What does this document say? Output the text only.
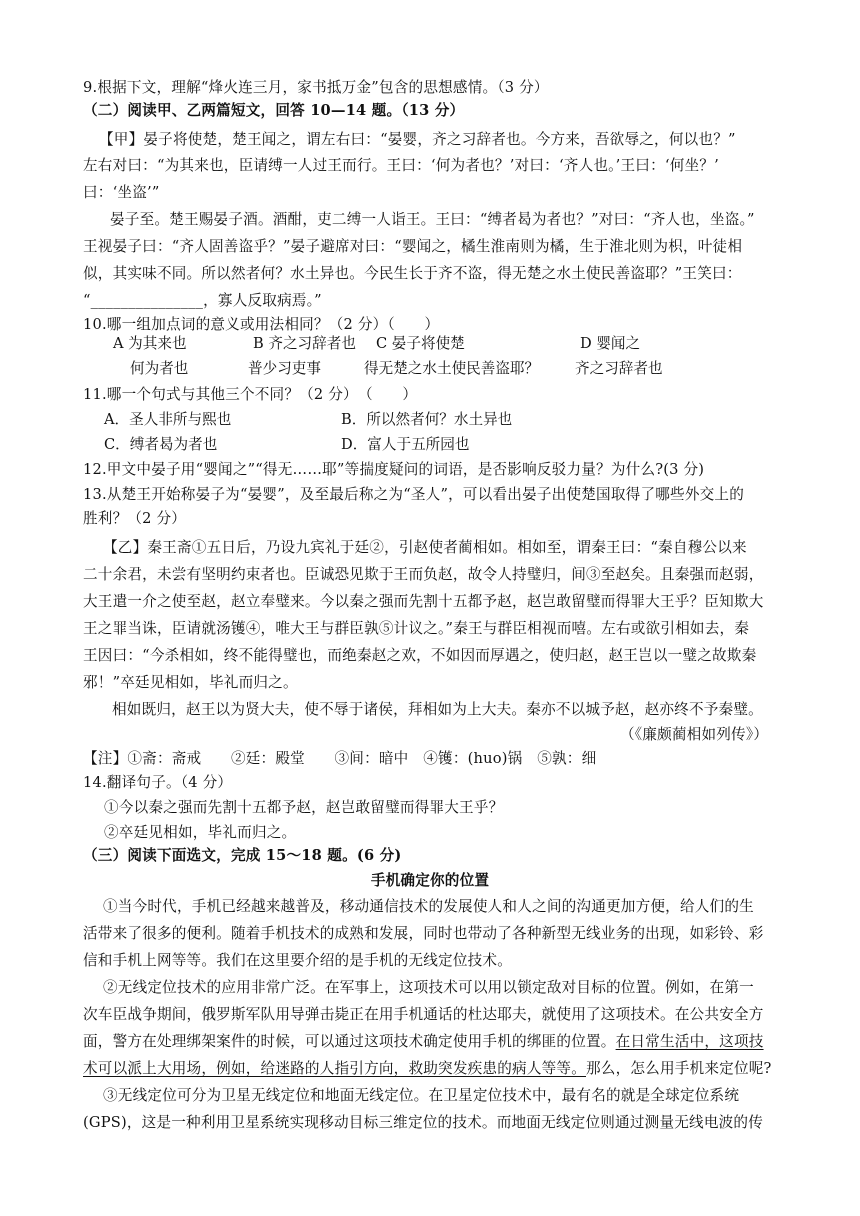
9.根据下文，理解“烽火连三月，家书抵万金”包含的思想感情。（3 分）
（二）阅读甲、乙两篇短文，回答 10—14 题。（13 分）
【甲】晏子将使楚，楚王闻之，谓左右曰：“晏婴，齐之习辞者也。今方来，吾欲辱之，何以也？”
左右对曰：“为其来也，臣请缚一人过王而行。王曰：‘何为者也？’对曰：‘齐人也。’王曰：‘何坐？’
曰：‘坐盗’”
晏子至。楚王赐晏子酒。酒酣，吏二缚一人诣王。王曰：“缚者曷为者也？”对曰：“齐人也，坐盗。”
王视晏子曰：“齐人固善盗乎？”晏子避席对曰：“婴闻之，橘生淮南则为橘，生于淮北则为枳，叶徒相
似，其实味不同。所以然者何？水土异也。今民生长于齐不盗，得无楚之水土使民善盗耶？”王笑曰：
“_______________，寡人反取病焉。”
10.哪一组加点词的意义或用法相同？（2 分）（　　）
A 为其来也	B 齐之习辞者也 C 晏子将使楚	D 婴闻之
何为者也	普少习吏事	得无楚之水土使民善盗耶？ 齐之习辞者也
11.哪一个句式与其他三个不同？（2 分）　（　　）
A．圣人非所与熙也	B．所以然者何？水土异也
C．缚者曷为者也	D．富人于五所园也
12.甲文中晏子用“婴闻之”“得无……耶”等揣度疑问的词语，是否影响反驳力量？为什么?(3 分)
13.从楚王开始称晏子为“晏婴”，及至最后称之为“圣人”，可以看出晏子出使楚国取得了哪些外交上的
胜利？（2 分）
【乙】秦王斋①五日后，乃设九宾礼于廷②，引赵使者蔺相如。相如至，谓秦王曰：“秦自穆公以来
二十余君，未尝有坚明约束者也。臣诚恐见欺于王而负赵，故令人持璧归，间③至赵矣。且秦强而赵弱，
大王遣一介之使至赵，赵立奉璧来。今以秦之强而先割十五都予赵，赵岂敢留璧而得罪大王乎？臣知欺大
王之罪当诛，臣请就汤镬④，唯大王与群臣孰⑤计议之。”秦王与群臣相视而嘻。左右或欲引相如去，秦
王因曰：“今杀相如，终不能得璧也，而绝秦赵之欢，不如因而厚遇之，使归赵，赵王岂以一璧之故欺秦
邪！”卒廷见相如，毕礼而归之。
相如既归，赵王以为贤大夫，使不辱于诸侯，拜相如为上大夫。秦亦不以城予赵，赵亦终不予秦璧。
（《廉颇蔺相如列传》）
【注】①斋：斋戒　　②廷：殿堂　　③间：暗中　④镬：(huo)锅　⑤孰：细
14.翻译句子。（4 分）
①今以秦之强而先割十五都予赵，赵岂敢留璧而得罪大王乎？
②卒廷见相如，毕礼而归之。
（三）阅读下面选文，完成 15～18 题。(6 分)
手机确定你的位置
①当今时代，手机已经越来越普及，移动通信技术的发展使人和人之间的沟通更加方便，给人们的生
活带来了很多的便利。随着手机技术的成熟和发展，同时也带动了各种新型无线业务的出现，如彩铃、彩
信和手机上网等等。我们在这里要介绍的是手机的无线定位技术。
②无线定位技术的应用非常广泛。在军事上，这项技术可以用以锁定敌对目标的位置。例如，在第一
次车臣战争期间，俄罗斯军队用导弹击毙正在用手机通话的杜达耶夫，就使用了这项技术。在公共安全方
面，警方在处理绑架案件的时候，可以通过这项技术确定使用手机的绑匪的位置。在日常生活中，这项技
术可以派上大用场，例如，给迷路的人指引方向，救助突发疾患的病人等等。那么，怎么用手机来定位呢?
③无线定位可分为卫星无线定位和地面无线定位。在卫星定位技术中，最有名的就是全球定位系统
(GPS)，这是一种利用卫星系统实现移动目标三维定位的技术。而地面无线定位则通过测量无线电波的传
